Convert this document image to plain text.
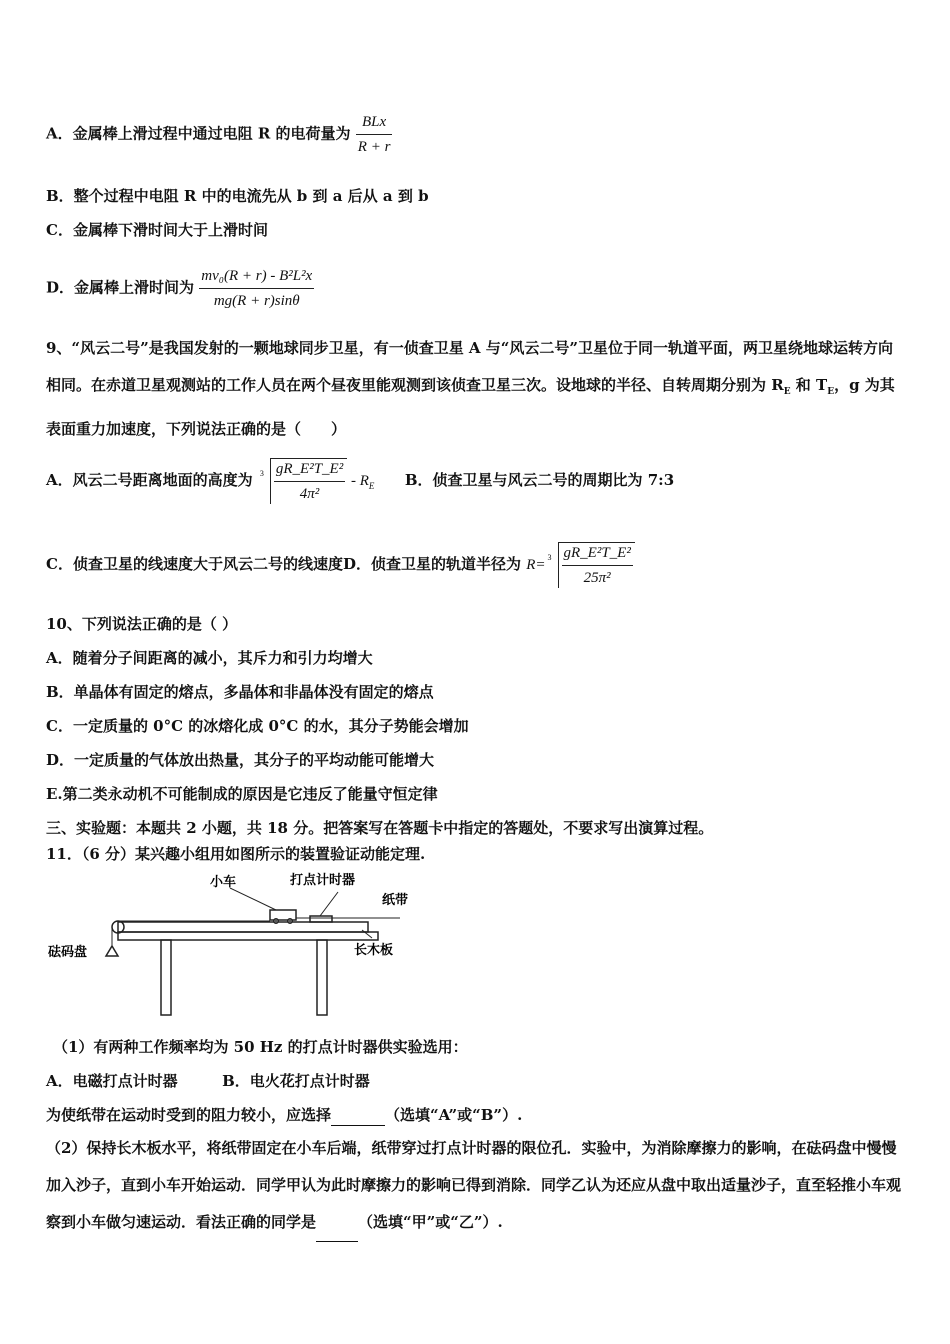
A．金属棒上滑过程中通过电阻 R 的电荷量为 $\frac{\text{BLx}}{R + r}$
B．整个过程中电阻 R 中的电流先从 b 到 a 后从 a 到 b
C．金属棒下滑时间大于上滑时间
D．金属棒上滑时间为 $\frac{\text{mv₀(R + r) - B²L²x}}{mg(R + r)\sin\theta}$
9、“风云二号”是我国发射的一颗地球同步卫星，有一侦查卫星 A 与“风云二号”卫星位于同一轨道平面，两卫星绕地球运转方向相同。在赤道卫星观测站的工作人员在两个昼夜里能观测到该侦查卫星三次。设地球的半径、自转周期分别为 $R_E$ 和 $T_E$，g 为其表面重力加速度，下列说法正确的是（　　）
A．风云二号距离地面的高度为 $3 \frac{\text{gR\_E²T\_E²}}{\text{4π²}} - R_E$ B．侦查卫星与风云二号的周期比为 7:3
C．侦查卫星的线速度大于风云二号的线速度D．侦查卫星的轨道半径为 $R= 3 \frac{\text{gR\_E²T\_E²}}{\text{25π²}}$
10、下列说法正确的是（ ）
A．随着分子间距离的减小，其斥力和引力均增大
B．单晶体有固定的熔点，多晶体和非晶体没有固定的熔点
C．一定质量的 0°C 的冰熔化成 0°C 的水，其分子势能会增加
D．一定质量的气体放出热量，其分子的平均动能可能增大
E.第二类永动机不可能制成的原因是它违反了能量守恒定律
三、实验题：本题共 2 小题，共 18 分。把答案写在答题卡中指定的答题处，不要求写出演算过程。
11．（6 分）某兴趣小组用如图所示的装置验证动能定理.
小车	打点计时器
纸带
砝码盘	长木板
（1）有两种工作频率均为 50 Hz 的打点计时器供实验选用：
A．电磁打点计时器	B．电火花打点计时器
为使纸带在运动时受到的阻力较小，应选择	（选填“A”或“B”）.
（2）保持长木板水平，将纸带固定在小车后端，纸带穿过打点计时器的限位孔．实验中，为消除摩擦力的影响，在砝码盘中慢慢加入沙子，直到小车开始运动．同学甲认为此时摩擦力的影响已得到消除．同学乙认为还应从盘中取出适量沙子，直至轻推小车观察到小车做匀速运动．看法正确的同学是	（选填“甲”或“乙”）.
